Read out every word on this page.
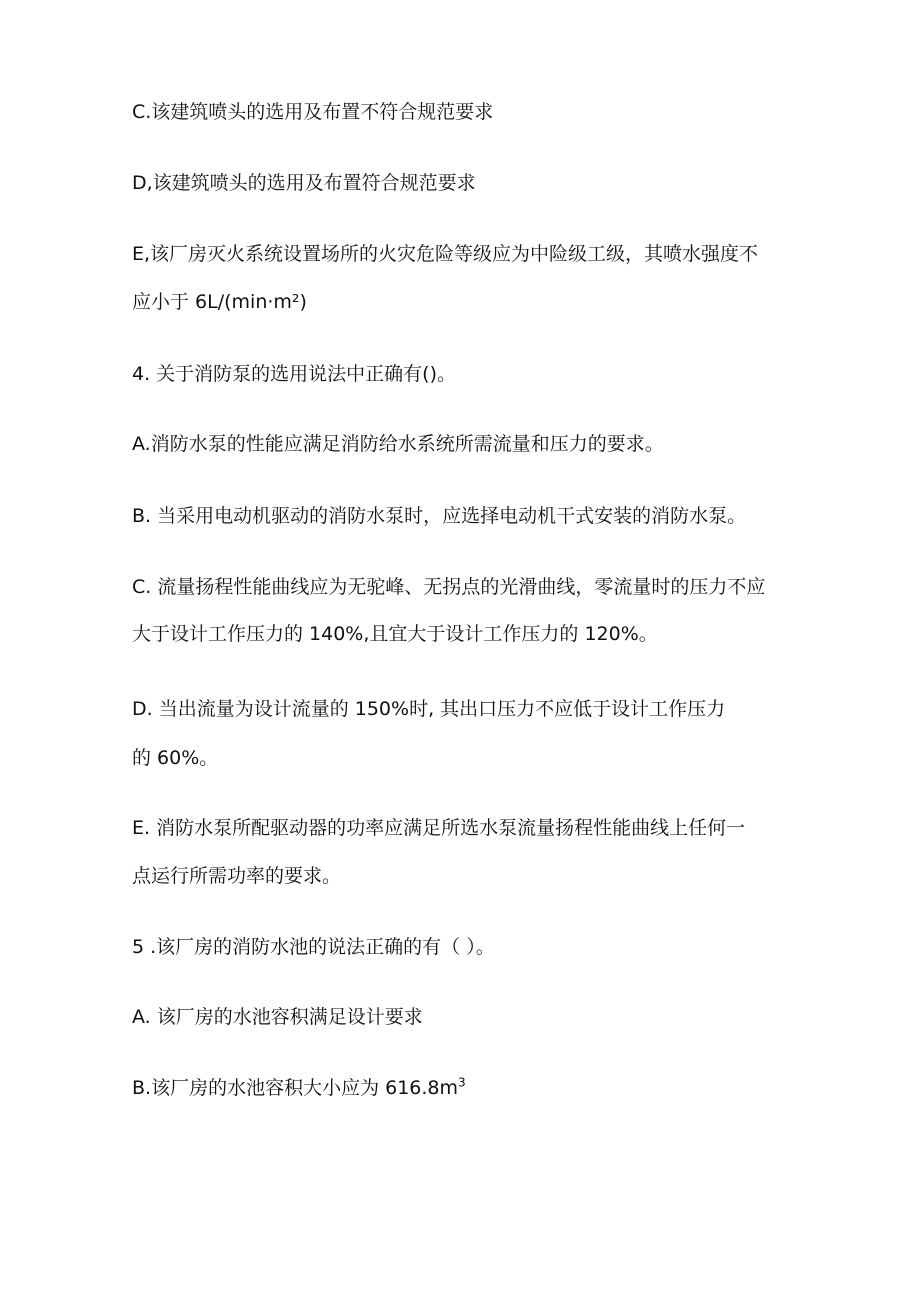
C.该建筑喷头的选用及布置不符合规范要求
D,该建筑喷头的选用及布置符合规范要求
E,该厂房灭火系统设置场所的火灾危险等级应为中险级工级，其喷水强度不
应小于 6L/(min·m²)
4. 关于消防泵的选用说法中正确有()。
A.消防水泵的性能应满足消防给水系统所需流量和压力的要求。
B. 当采用电动机驱动的消防水泵时，应选择电动机干式安装的消防水泵。
C. 流量扬程性能曲线应为无驼峰、无拐点的光滑曲线，零流量时的压力不应
大于设计工作压力的 140%,且宜大于设计工作压力的 120%。
D. 当出流量为设计流量的 150%时, 其出口压力不应低于设计工作压力
的 60%。
E. 消防水泵所配驱动器的功率应满足所选水泵流量扬程性能曲线上任何一
点运行所需功率的要求。
5 .该厂房的消防水池的说法正确的有（ ）。
A. 该厂房的水池容积满足设计要求
B.该厂房的水池容积大小应为 $616.8m^3$
